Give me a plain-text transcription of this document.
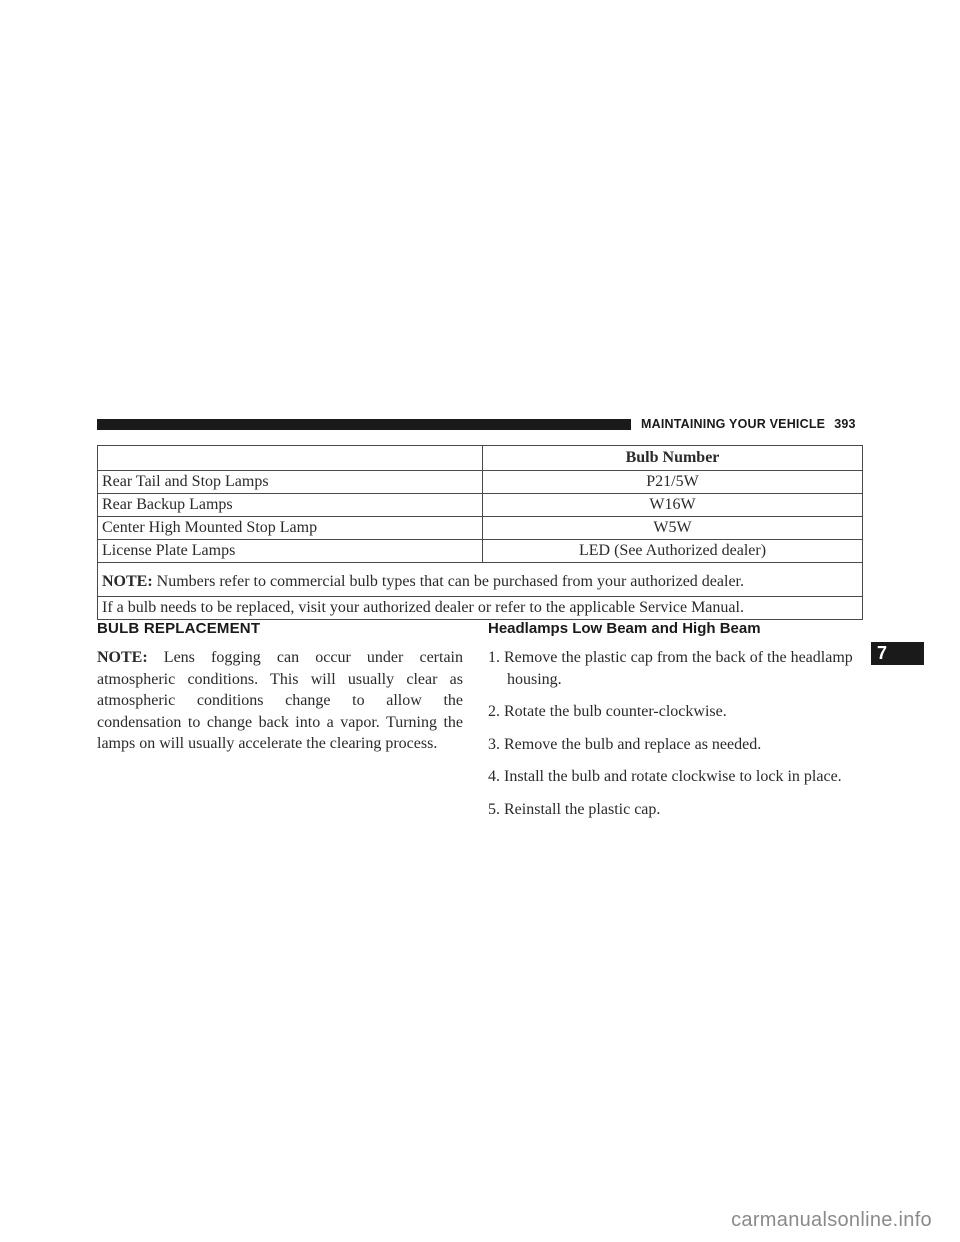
MAINTAINING YOUR VEHICLE 393
	Bulb Number
Rear Tail and Stop Lamps	P21/5W
Rear Backup Lamps	W16W
Center High Mounted Stop Lamp	W5W
License Plate Lamps	LED (See Authorized dealer)
NOTE: Numbers refer to commercial bulb types that can be purchased from your authorized dealer.	
If a bulb needs to be replaced, visit your authorized dealer or refer to the applicable Service Manual.	
BULB REPLACEMENT

NOTE: Lens fogging can occur under certain atmospheric conditions. This will usually clear as atmospheric conditions change to allow the condensation to change back into a vapor. Turning the lamps on will usually accelerate the clearing process.

Headlamps Low Beam and High Beam
1. Remove the plastic cap from the back of the headlamp housing.
2. Rotate the bulb counter-clockwise.
3. Remove the bulb and replace as needed.
4. Install the bulb and rotate clockwise to lock in place.
5. Reinstall the plastic cap.
7
carmanualsonline.info
